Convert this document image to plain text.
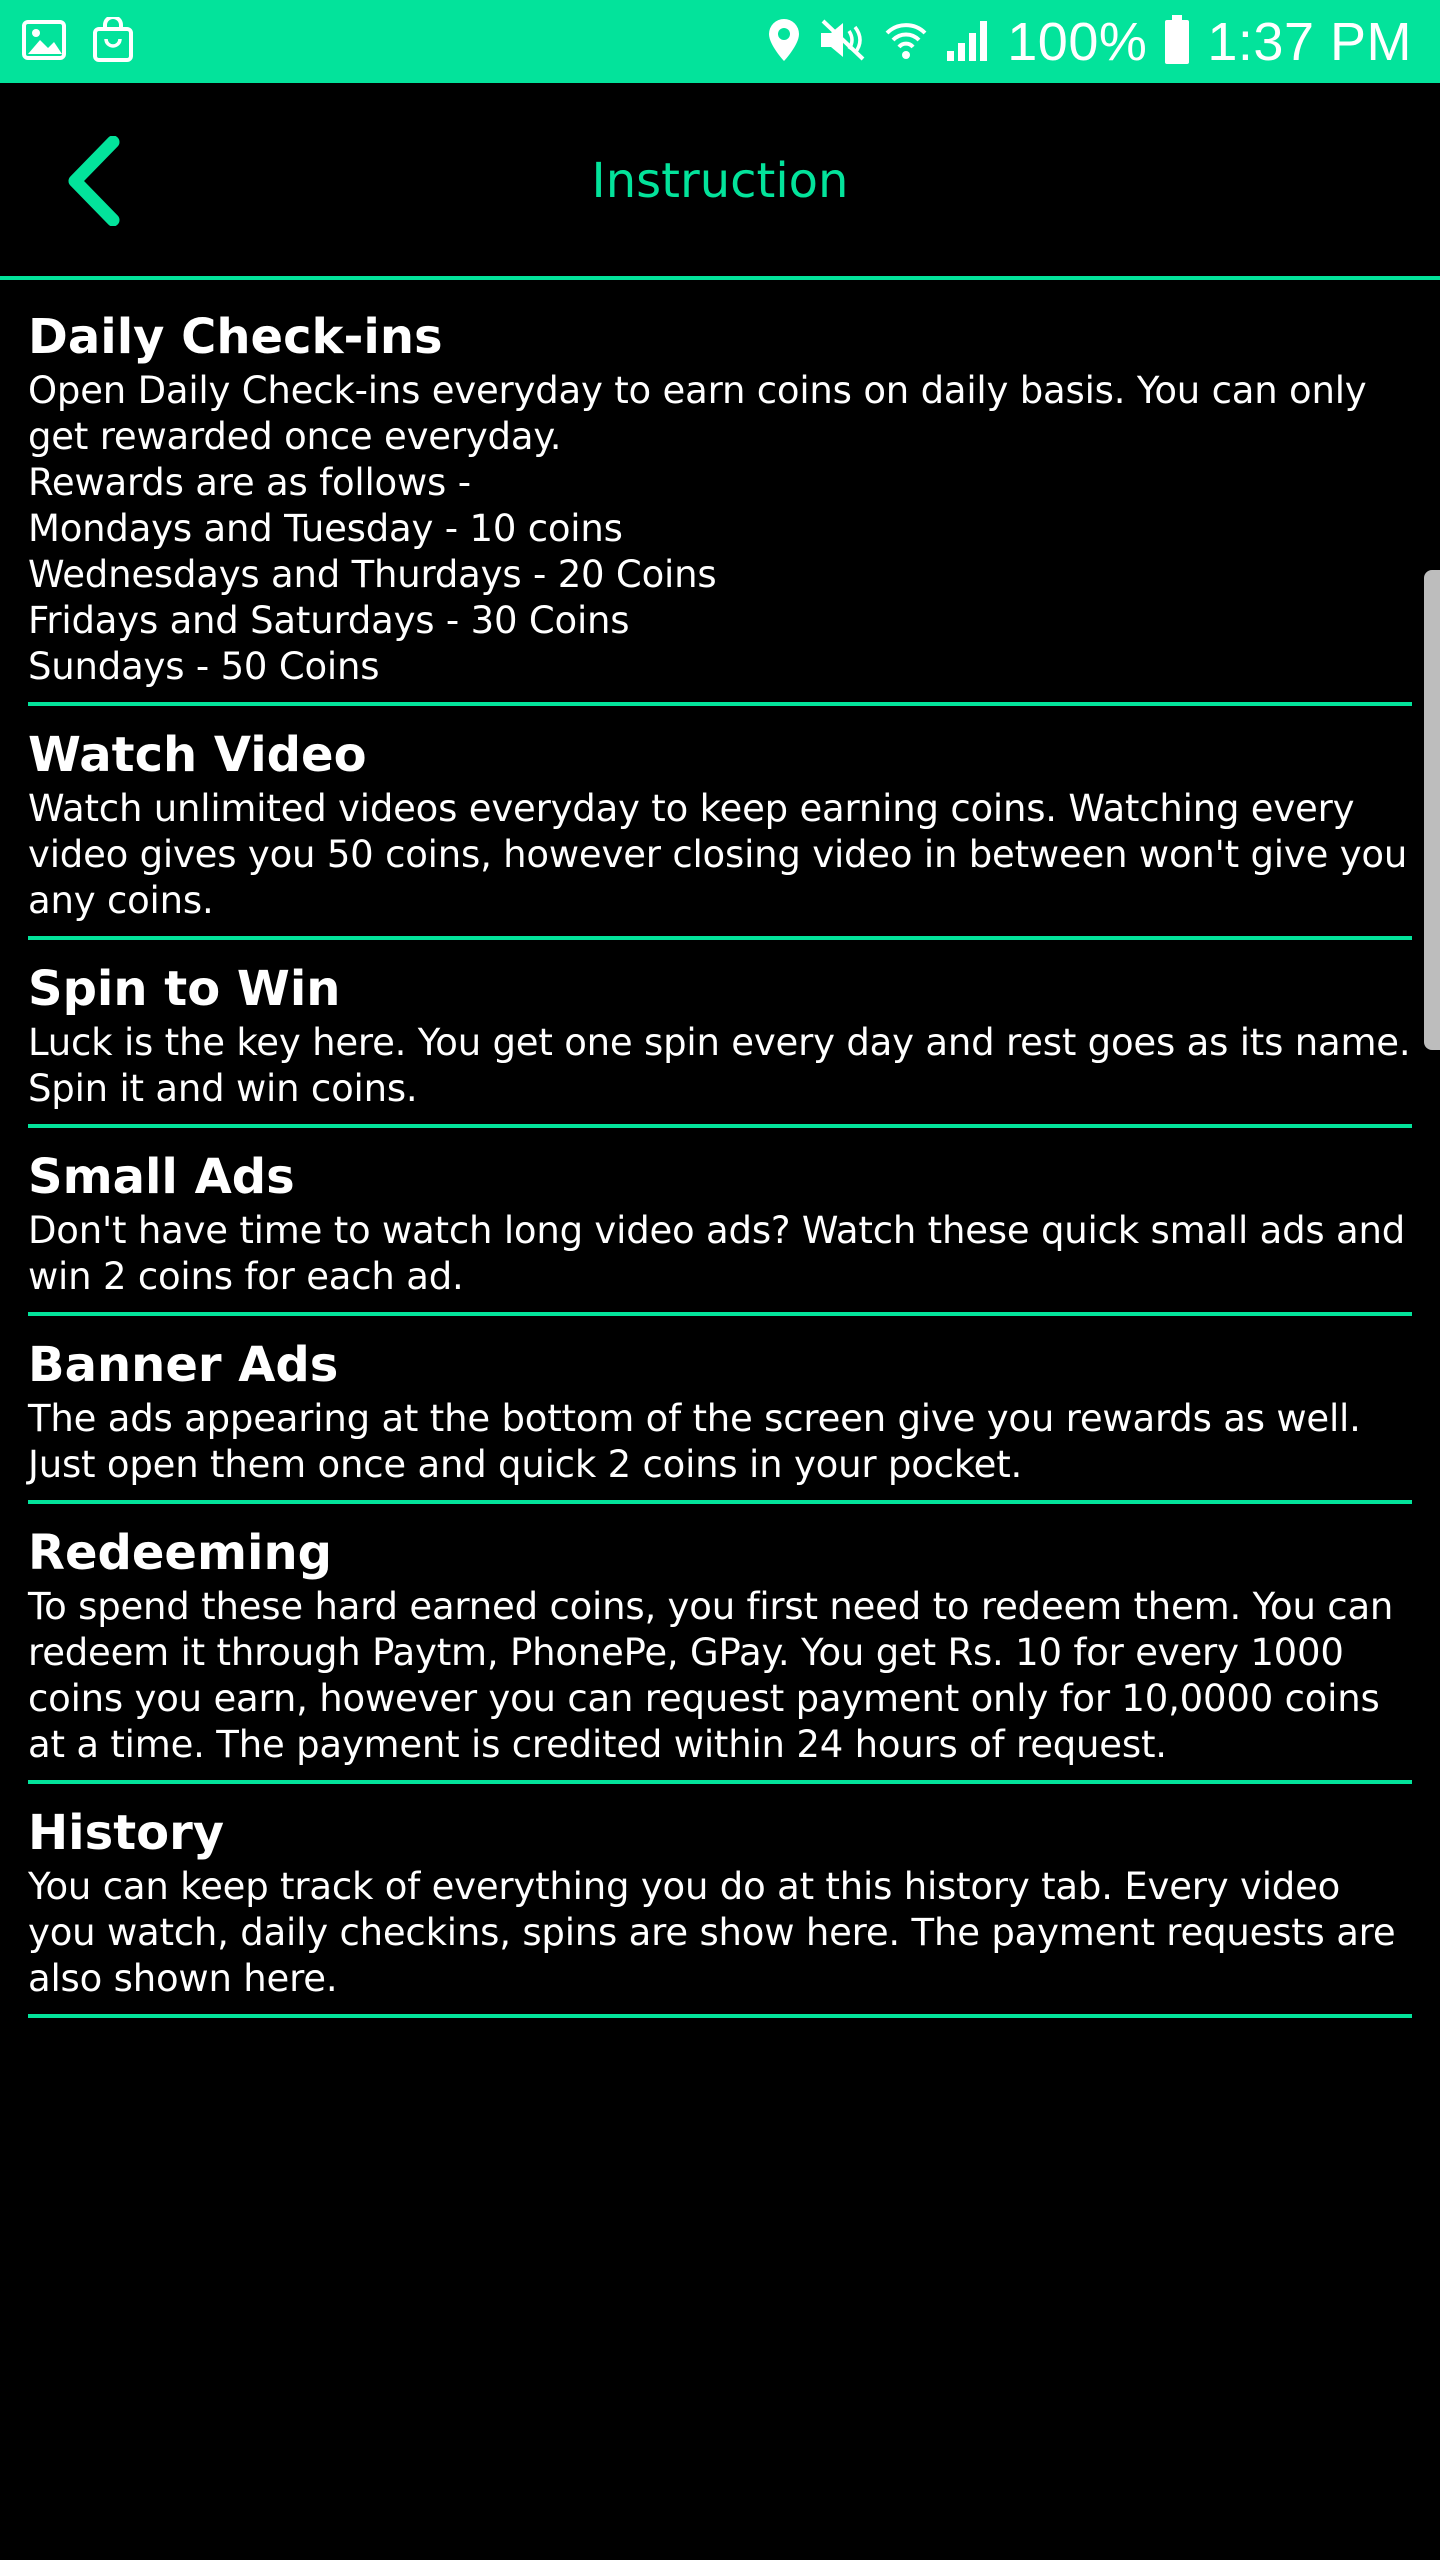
100% 1:37 PM
Instruction
Daily Check-ins

Open Daily Check-ins everyday to earn coins on daily basis. You can only get rewarded once everyday.

Rewards are as follows -

Mondays and Tuesday - 10 coins

Wednesdays and Thurdays - 20 Coins

Fridays and Saturdays - 30 Coins

Sundays - 50 Coins

Watch Video

Watch unlimited videos everyday to keep earning coins. Watching every video gives you 50 coins, however closing video in between won't give you any coins.

Spin to Win

Luck is the key here. You get one spin every day and rest goes as its name. Spin it and win coins.

Small Ads

Don't have time to watch long video ads? Watch these quick small ads and win 2 coins for each ad.

Banner Ads

The ads appearing at the bottom of the screen give you rewards as well. Just open them once and quick 2 coins in your pocket.

Redeeming

To spend these hard earned coins, you first need to redeem them. You can redeem it through Paytm, PhonePe, GPay. You get Rs. 10 for every 1000 coins you earn, however you can request payment only for 10,0000 coins at a time. The payment is credited within 24 hours of request.

History

You can keep track of everything you do at this history tab. Every video you watch, daily checkins, spins are show here. The payment requests are also shown here.
